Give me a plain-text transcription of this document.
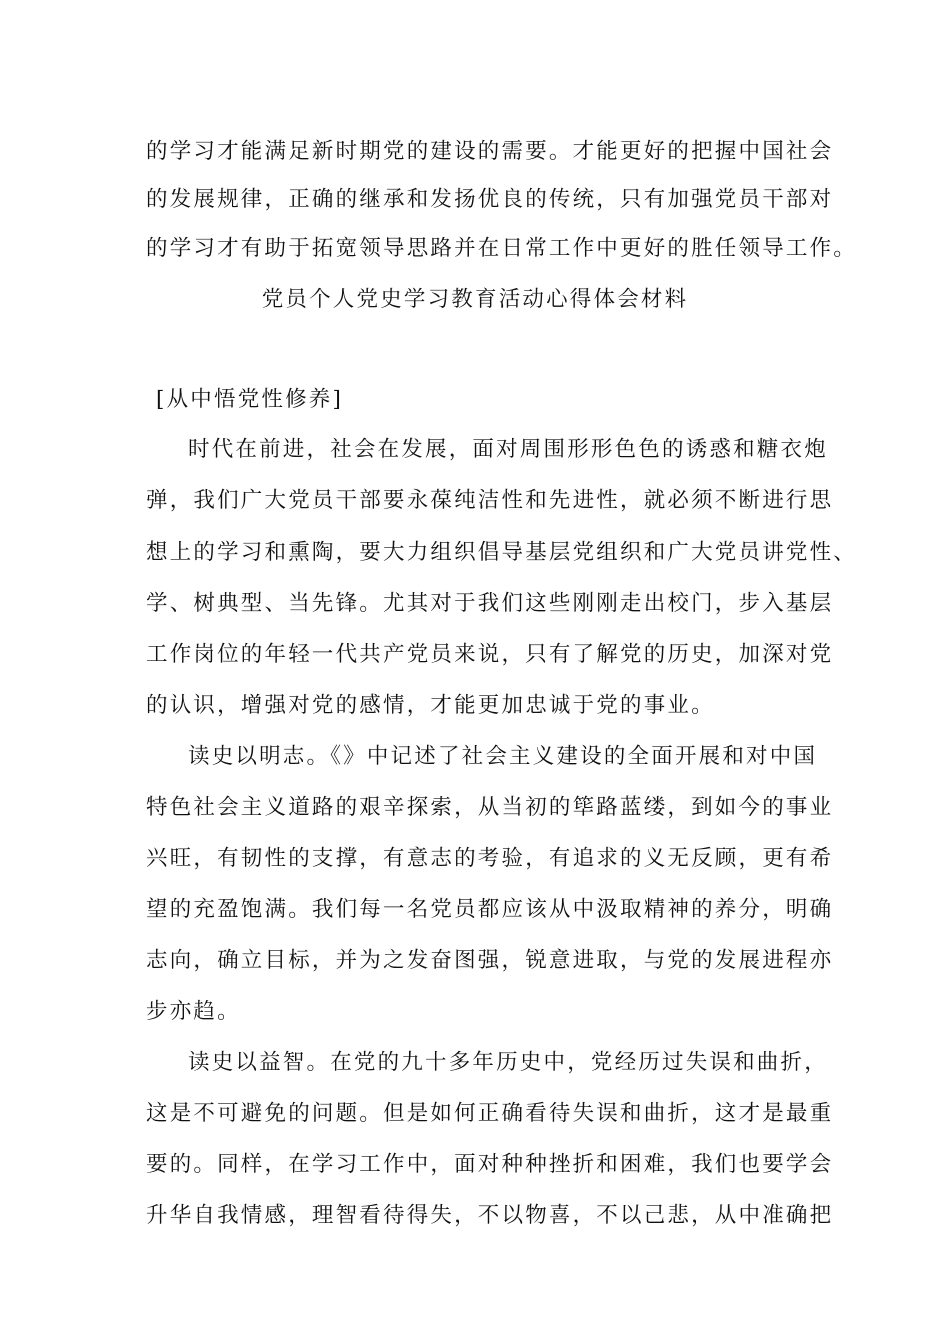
的学习才能满足新时期党的建设的需要。才能更好的把握中国社会
的发展规律，正确的继承和发扬优良的传统，只有加强党员干部对
的学习才有助于拓宽领导思路并在日常工作中更好的胜任领导工作。
党员个人党史学习教育活动心得体会材料
[从中悟党性修养]
时代在前进，社会在发展，面对周围形形色色的诱惑和糖衣炮
弹，我们广大党员干部要永葆纯洁性和先进性，就必须不断进行思
想上的学习和熏陶，要大力组织倡导基层党组织和广大党员讲党性、
学、树典型、当先锋。尤其对于我们这些刚刚走出校门，步入基层
工作岗位的年轻一代共产党员来说，只有了解党的历史，加深对党
的认识，增强对党的感情，才能更加忠诚于党的事业。
读史以明志。《》中记述了社会主义建设的全面开展和对中国
特色社会主义道路的艰辛探索，从当初的筚路蓝缕，到如今的事业
兴旺，有韧性的支撑，有意志的考验，有追求的义无反顾，更有希
望的充盈饱满。我们每一名党员都应该从中汲取精神的养分，明确
志向，确立目标，并为之发奋图强，锐意进取，与党的发展进程亦
步亦趋。
读史以益智。在党的九十多年历史中，党经历过失误和曲折，
这是不可避免的问题。但是如何正确看待失误和曲折，这才是最重
要的。同样，在学习工作中，面对种种挫折和困难，我们也要学会
升华自我情感，理智看待得失，不以物喜，不以己悲，从中准确把
